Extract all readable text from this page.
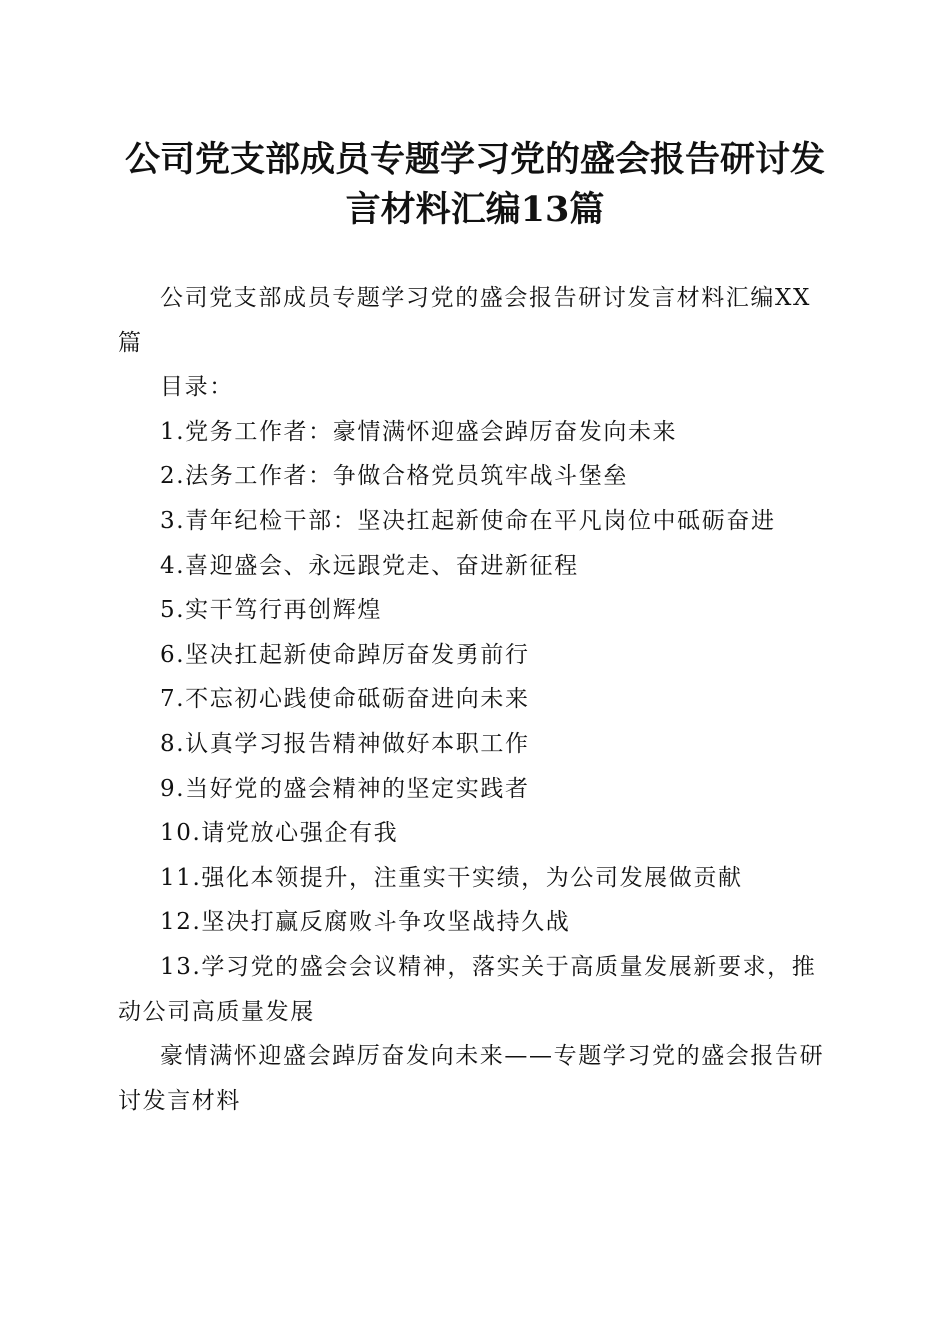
公司党支部成员专题学习党的盛会报告研讨发
言材料汇编13篇

公司党支部成员专题学习党的盛会报告研讨发言材料汇编XX篇

目录：

1.党务工作者：豪情满怀迎盛会踔厉奋发向未来
2.法务工作者：争做合格党员筑牢战斗堡垒
3.青年纪检干部：坚决扛起新使命在平凡岗位中砥砺奋进
4.喜迎盛会、永远跟党走、奋进新征程
5.实干笃行再创辉煌
6.坚决扛起新使命踔厉奋发勇前行
7.不忘初心践使命砥砺奋进向未来
8.认真学习报告精神做好本职工作
9.当好党的盛会精神的坚定实践者
10.请党放心强企有我
11.强化本领提升，注重实干实绩，为公司发展做贡献
12.坚决打赢反腐败斗争攻坚战持久战
13.学习党的盛会会议精神，落实关于高质量发展新要求，推动公司高质量发展

豪情满怀迎盛会踔厉奋发向未来——专题学习党的盛会报告研讨发言材料
